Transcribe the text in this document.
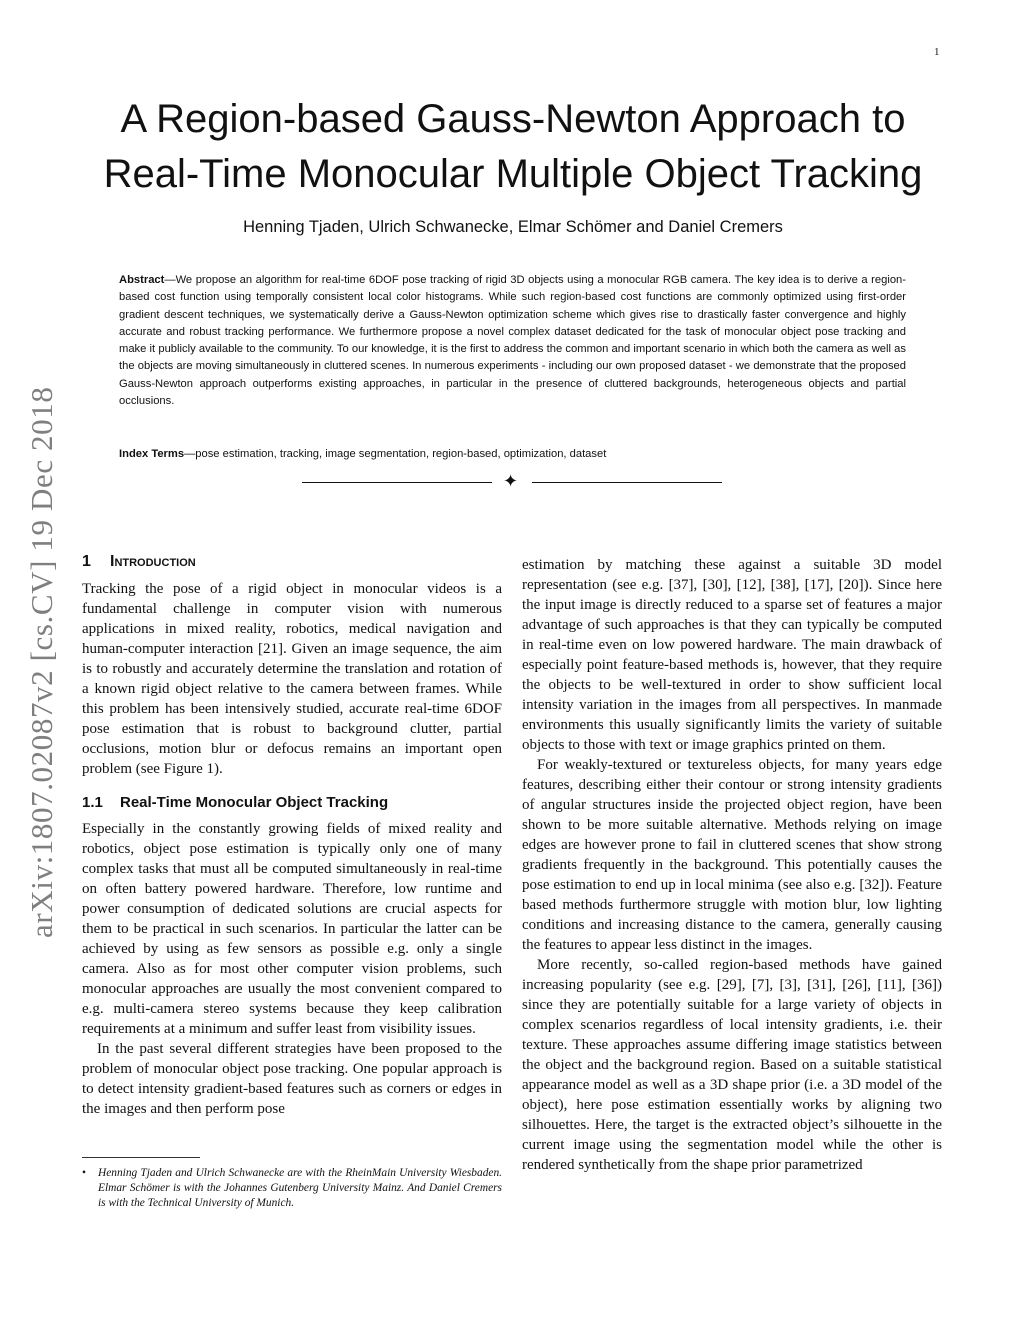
1
arXiv:1807.02087v2 [cs.CV] 19 Dec 2018
A Region-based Gauss-Newton Approach to
Real-Time Monocular Multiple Object Tracking
Henning Tjaden, Ulrich Schwanecke, Elmar Schömer and Daniel Cremers

Abstract—We propose an algorithm for real-time 6DOF pose tracking of rigid 3D objects using a monocular RGB camera. The key idea is to derive a region-based cost function using temporally consistent local color histograms. While such region-based cost functions are commonly optimized using first-order gradient descent techniques, we systematically derive a Gauss-Newton optimization scheme which gives rise to drastically faster convergence and highly accurate and robust tracking performance. We furthermore propose a novel complex dataset dedicated for the task of monocular object pose tracking and make it publicly available to the community. To our knowledge, it is the first to address the common and important scenario in which both the camera as well as the objects are moving simultaneously in cluttered scenes. In numerous experiments - including our own proposed dataset - we demonstrate that the proposed Gauss-Newton approach outperforms existing approaches, in particular in the presence of cluttered backgrounds, heterogeneous objects and partial occlusions.

Index Terms—pose estimation, tracking, image segmentation, region-based, optimization, dataset

✦
1 Introduction

Tracking the pose of a rigid object in monocular videos is a fundamental challenge in computer vision with numerous applications in mixed reality, robotics, medical navigation and human-computer interaction [21]. Given an image sequence, the aim is to robustly and accurately determine the translation and rotation of a known rigid object relative to the camera between frames. While this problem has been intensively studied, accurate real-time 6DOF pose estimation that is robust to background clutter, partial occlusions, motion blur or defocus remains an important open problem (see Figure 1).

1.1 Real-Time Monocular Object Tracking

Especially in the constantly growing fields of mixed reality and robotics, object pose estimation is typically only one of many complex tasks that must all be computed simultaneously in real-time on often battery powered hardware. Therefore, low runtime and power consumption of dedicated solutions are crucial aspects for them to be practical in such scenarios. In particular the latter can be achieved by using as few sensors as possible e.g. only a single camera. Also as for most other computer vision problems, such monocular approaches are usually the most convenient compared to e.g. multi-camera stereo systems because they keep calibration requirements at a minimum and suffer least from visibility issues.

In the past several different strategies have been proposed to the problem of monocular object pose tracking. One popular approach is to detect intensity gradient-based features such as corners or edges in the images and then perform pose

•	Henning Tjaden and Ulrich Schwanecke are with the RheinMain University Wiesbaden. Elmar Schömer is with the Johannes Gutenberg University Mainz. And Daniel Cremers is with the Technical University of Munich.

estimation by matching these against a suitable 3D model representation (see e.g. [37], [30], [12], [38], [17], [20]). Since here the input image is directly reduced to a sparse set of features a major advantage of such approaches is that they can typically be computed in real-time even on low powered hardware. The main drawback of especially point feature-based methods is, however, that they require the objects to be well-textured in order to show sufficient local intensity variation in the images from all perspectives. In manmade environments this usually significantly limits the variety of suitable objects to those with text or image graphics printed on them.

For weakly-textured or textureless objects, for many years edge features, describing either their contour or strong intensity gradients of angular structures inside the projected object region, have been shown to be more suitable alternative. Methods relying on image edges are however prone to fail in cluttered scenes that show strong gradients frequently in the background. This potentially causes the pose estimation to end up in local minima (see also e.g. [32]). Feature based methods furthermore struggle with motion blur, low lighting conditions and increasing distance to the camera, generally causing the features to appear less distinct in the images.

More recently, so-called region-based methods have gained increasing popularity (see e.g. [29], [7], [3], [31], [26], [11], [36]) since they are potentially suitable for a large variety of objects in complex scenarios regardless of local intensity gradients, i.e. their texture. These approaches assume differing image statistics between the object and the background region. Based on a suitable statistical appearance model as well as a 3D shape prior (i.e. a 3D model of the object), here pose estimation essentially works by aligning two silhouettes. Here, the target is the extracted object’s silhouette in the current image using the segmentation model while the other is rendered synthetically from the shape prior parametrized
